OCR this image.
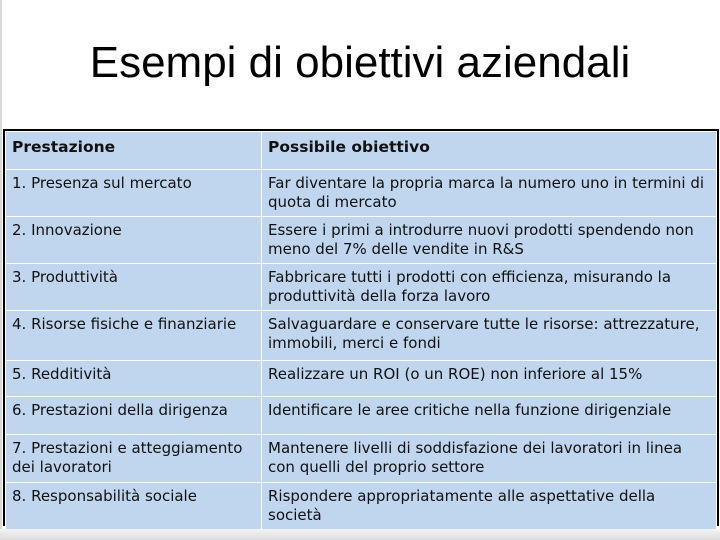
Esempi di obiettivi aziendali
Prestazione	Possibile obiettivo
1. Presenza sul mercato	Far diventare la propria marca la numero uno in termini di quota di mercato
2. Innovazione	Essere i primi a introdurre nuovi prodotti spendendo non meno del 7% delle vendite in R&S
3. Produttività	Fabbricare tutti i prodotti con efficienza, misurando la produttività della forza lavoro
4. Risorse fisiche e finanziarie	Salvaguardare e conservare tutte le risorse: attrezzature, immobili, merci e fondi
5. Redditività	Realizzare un ROI (o un ROE) non inferiore al 15%
6. Prestazioni della dirigenza	Identificare le aree critiche nella funzione dirigenziale
7. Prestazioni e atteggiamento dei lavoratori	Mantenere livelli di soddisfazione dei lavoratori in linea con quelli del proprio settore
8. Responsabilità sociale	Rispondere appropriatamente alle aspettative della società
